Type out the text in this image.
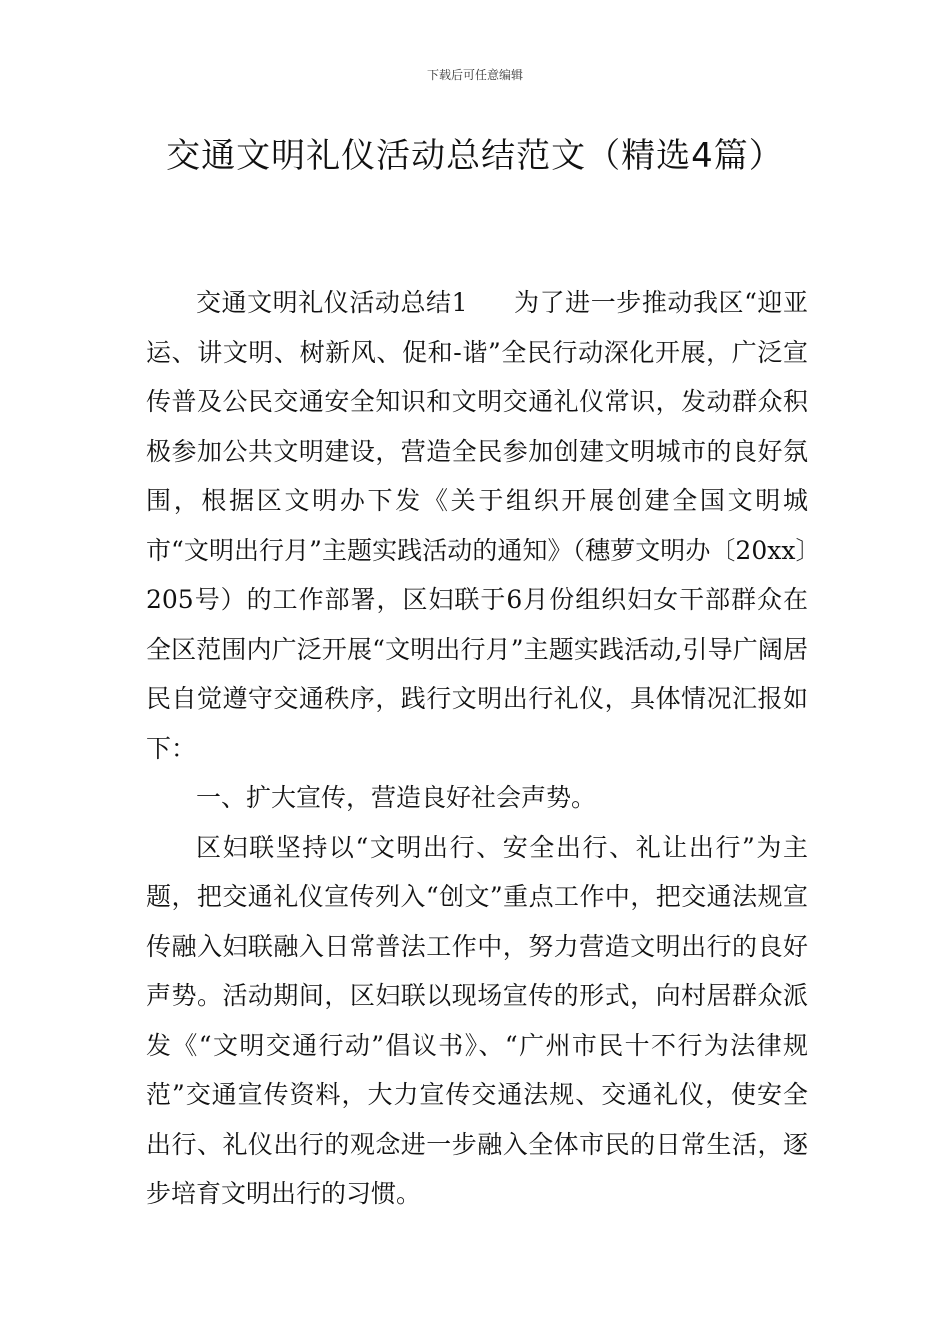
下载后可任意编辑
交通文明礼仪活动总结范文（精选4篇）

交通文明礼仪活动总结1 为了进一步推动我区“迎亚运、讲文明、树新风、促和-谐”全民行动深化开展，广泛宣传普及公民交通安全知识和文明交通礼仪常识，发动群众积极参加公共文明建设，营造全民参加创建文明城市的良好氛围，根据区文明办下发《关于组织开展创建全国文明城市“文明出行月”主题实践活动的通知》（穗萝文明办〔20xx〕205号）的工作部署，区妇联于6月份组织妇女干部群众在全区范围内广泛开展“文明出行月”主题实践活动,引导广阔居民自觉遵守交通秩序，践行文明出行礼仪，具体情况汇报如下：

一、扩大宣传，营造良好社会声势。

区妇联坚持以“文明出行、安全出行、礼让出行”为主题，把交通礼仪宣传列入“创文”重点工作中，把交通法规宣传融入妇联融入日常普法工作中，努力营造文明出行的良好声势。活动期间，区妇联以现场宣传的形式，向村居群众派发《“文明交通行动”倡议书》、“广州市民十不行为法律规范”交通宣传资料，大力宣传交通法规、交通礼仪，使安全出行、礼仪出行的观念进一步融入全体市民的日常生活，逐步培育文明出行的习惯。
